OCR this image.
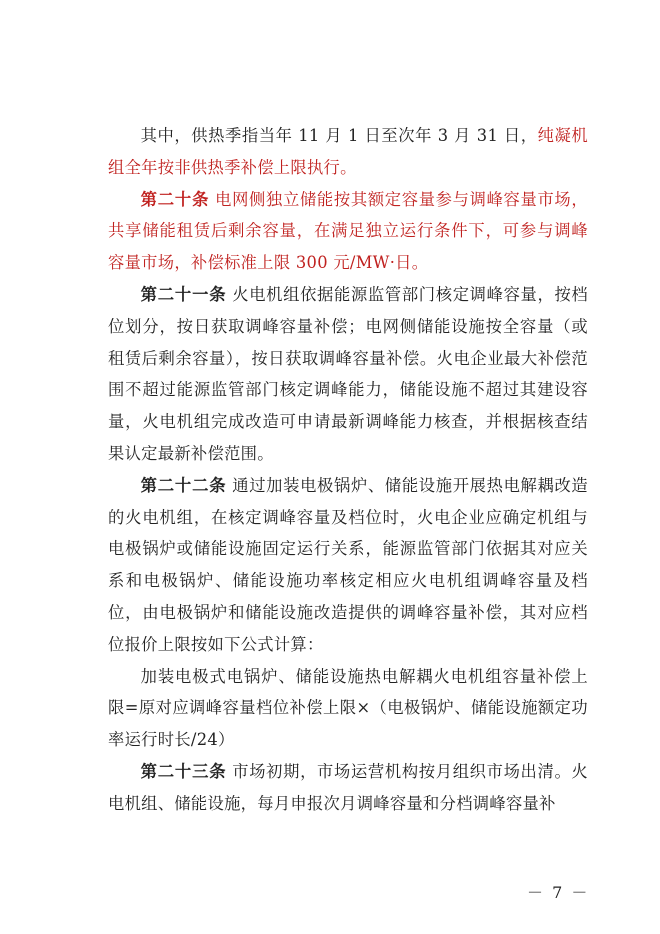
其中，供热季指当年 11 月 1 日至次年 3 月 31 日，纯凝机组全年按非供热季补偿上限执行。

第二十条 电网侧独立储能按其额定容量参与调峰容量市场，共享储能租赁后剩余容量，在满足独立运行条件下，可参与调峰容量市场，补偿标准上限 300 元/MW·日。

第二十一条 火电机组依据能源监管部门核定调峰容量，按档位划分，按日获取调峰容量补偿；电网侧储能设施按全容量（或租赁后剩余容量），按日获取调峰容量补偿。火电企业最大补偿范围不超过能源监管部门核定调峰能力，储能设施不超过其建设容量，火电机组完成改造可申请最新调峰能力核查，并根据核查结果认定最新补偿范围。

第二十二条 通过加装电极锅炉、储能设施开展热电解耦改造的火电机组，在核定调峰容量及档位时，火电企业应确定机组与电极锅炉或储能设施固定运行关系，能源监管部门依据其对应关系和电极锅炉、储能设施功率核定相应火电机组调峰容量及档位，由电极锅炉和储能设施改造提供的调峰容量补偿，其对应档位报价上限按如下公式计算：

加装电极式电锅炉、储能设施热电解耦火电机组容量补偿上限=原对应调峰容量档位补偿上限×（电极锅炉、储能设施额定功率运行时长/24）

第二十三条 市场初期，市场运营机构按月组织市场出清。火电机组、储能设施，每月申报次月调峰容量和分档调峰容量补

－ 7 －
